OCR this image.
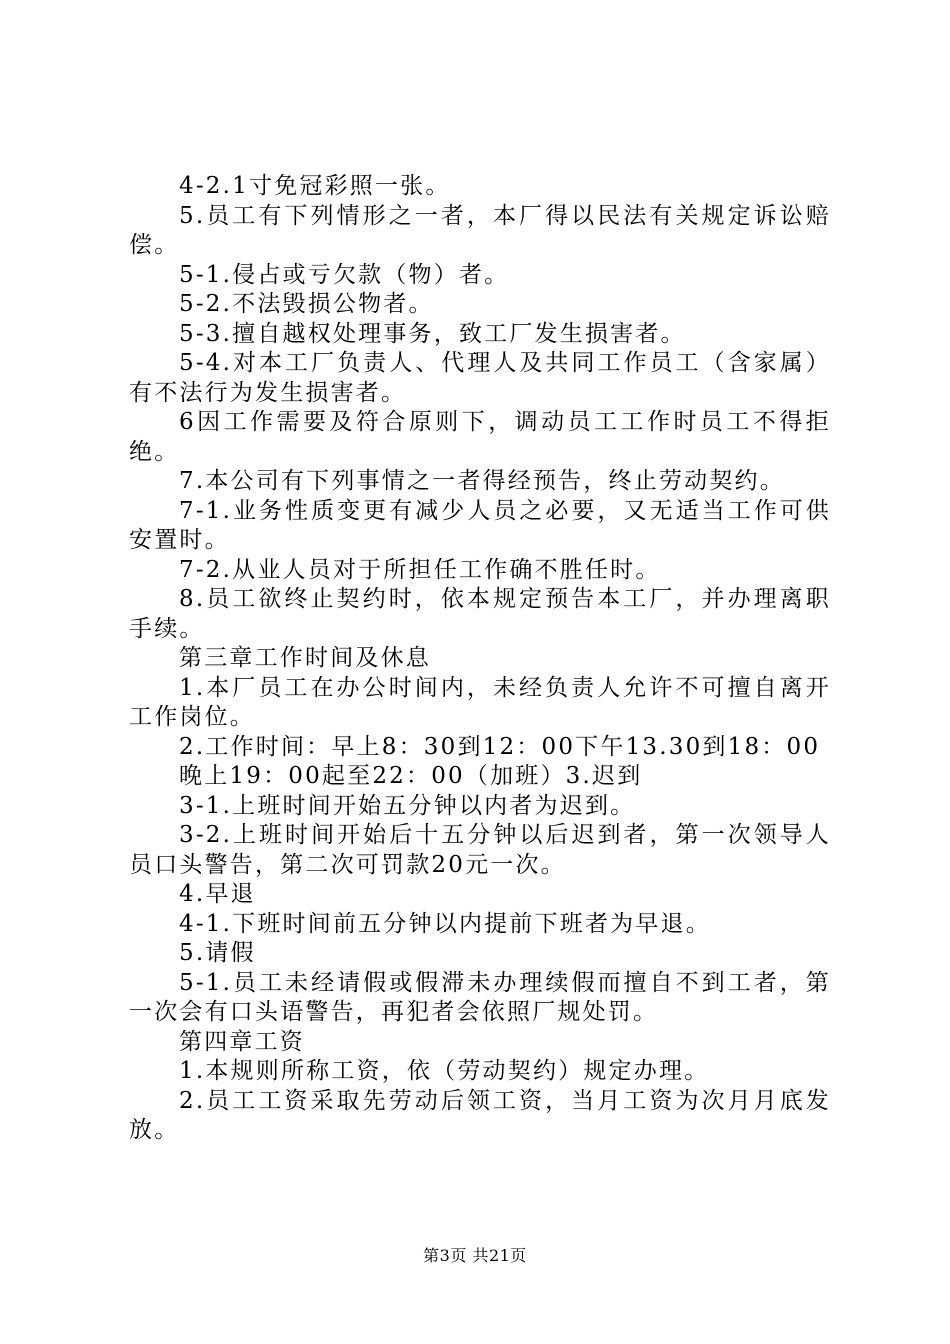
4-2.1寸免冠彩照一张。

5.员工有下列情形之一者，本厂得以民法有关规定诉讼赔偿。

5-1.侵占或亏欠款（物）者。

5-2.不法毁损公物者。

5-3.擅自越权处理事务，致工厂发生损害者。

5-4.对本工厂负责人、代理人及共同工作员工（含家属）有不法行为发生损害者。

6因工作需要及符合原则下，调动员工工作时员工不得拒绝。

7.本公司有下列事情之一者得经预告，终止劳动契约。

7-1.业务性质变更有减少人员之必要，又无适当工作可供安置时。

7-2.从业人员对于所担任工作确不胜任时。

8.员工欲终止契约时，依本规定预告本工厂，并办理离职手续。

第三章工作时间及休息

1.本厂员工在办公时间内，未经负责人允许不可擅自离开工作岗位。

2.工作时间：早上8：30到12：00下午13.30到18：00

晚上19：00起至22：00（加班）3.迟到

3-1.上班时间开始五分钟以内者为迟到。

3-2.上班时间开始后十五分钟以后迟到者，第一次领导人员口头警告，第二次可罚款20元一次。

4.早退

4-1.下班时间前五分钟以内提前下班者为早退。

5.请假

5-1.员工未经请假或假滞未办理续假而擅自不到工者，第一次会有口头语警告，再犯者会依照厂规处罚。

第四章工资

1.本规则所称工资，依（劳动契约）规定办理。

2.员工工资采取先劳动后领工资，当月工资为次月月底发放。

第3页 共21页
